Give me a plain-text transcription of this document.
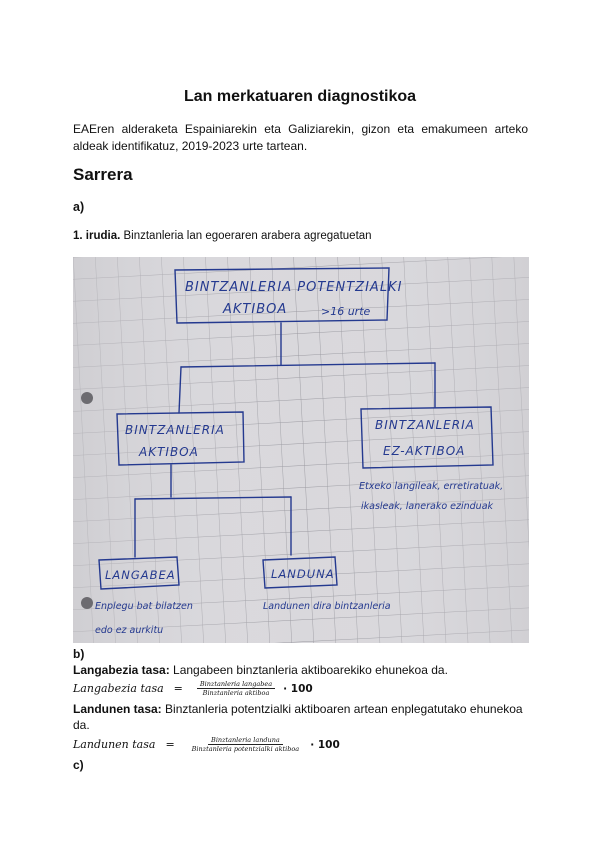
Lan merkatuaren diagnostikoa
EAEren alderaketa Espainiarekin eta Galiziarekin, gizon eta emakumeen arteko aldeak identifikatuz, 2019-2023 urte tartean.
Sarrera
a)
1. irudia. Binztanleria lan egoeraren arabera agregatuetan
BINTZANLERIA POTENTZIALKI
AKTIBOA	>16 urte
BINTZANLERIA
AKTIBOA
BINTZANLERIA
EZ-AKTIBOA
Etxeko langileak, erretiratuak,
ikasleak, lanerako ezinduak
LANGABEA
Enplegu bat bilatzen
edo ez aurkitu
LANDUNA
Landunen dira bintzanleria
b)
Langabezia tasa: Langabeen binztanleria aktiboarekiko ehunekoa da.
Langabezia tasa = $\frac{\text{Binztanleria langabea}}{\text{Binztanleria aktiboa}} \cdot 100$
Landunen tasa: Binztanleria potentzialki aktiboaren artean enplegatutako ehunekoa da.
Landunen tasa = $\frac{\text{Binztanleria landuna}}{\text{Binztanleria potentzialki aktiboa}} \cdot 100$
c)
